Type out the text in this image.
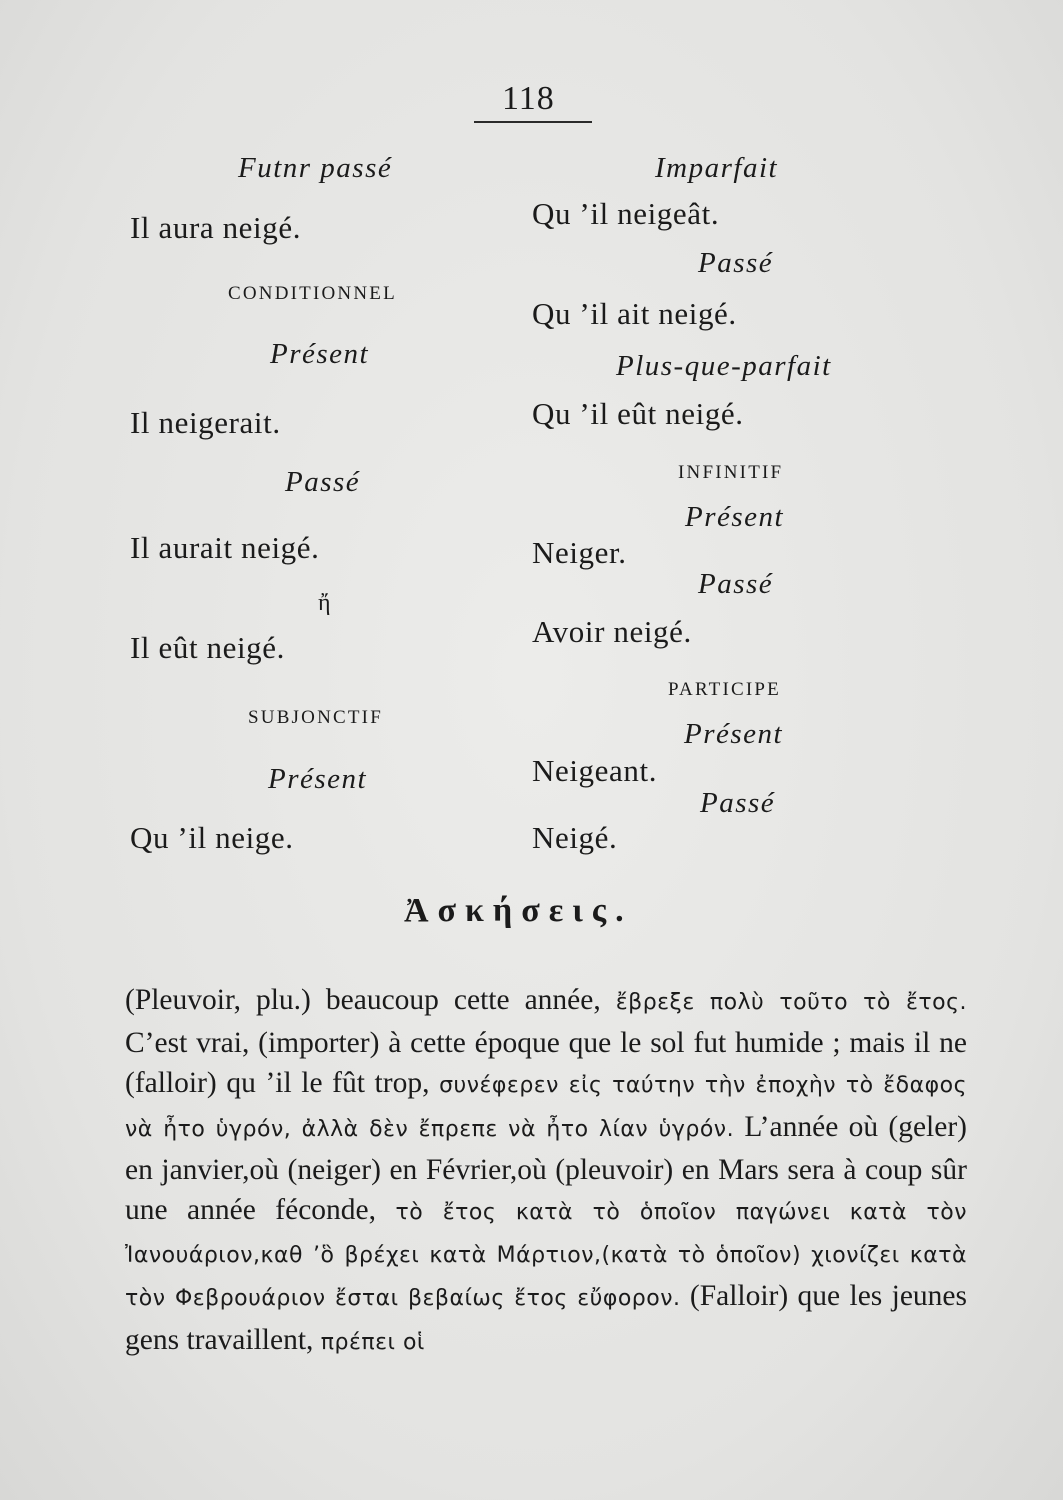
118
Futnr passé
Il aura neigé.
CONDITIONNEL
Présent
Il neigerait.
Passé
Il aurait neigé.
ἤ
Il eût neigé.
SUBJONCTIF
Présent
Qu ’il neige.
Imparfait
Qu ’il neigeât.
Passé
Qu ’il ait neigé.
Plus-que-parfait
Qu ’il eût neigé.
INFINITIF
Présent
Neiger.
Passé
Avoir neigé.
PARTICIPE
Présent
Neigeant.
Passé
Neigé.
Ἀσκήσεις.
(Pleuvoir, plu.) beaucoup cette année, ἔβρεξε πολὺ τοῦτο τὸ ἔτος. C’est vrai, (importer) à cette époque que le sol fut humide ; mais il ne (falloir) qu ’il le fût trop, συνέφερεν εἰς ταύτην τὴν ἐποχὴν τὸ ἔδαφος νὰ ἦτο ὑγρόν, ἀλλὰ δὲν ἔπρεπε νὰ ἦτο λίαν ὑγρόν. L’année où (geler) en janvier,où (neiger) en Février,où (pleuvoir) en Mars sera à coup sûr une année féconde, τὸ ἔτος κατὰ τὸ ὁποῖον παγώνει κατὰ τὸν Ἰανουάριον,καθ ’ὃ βρέχει κατὰ Μάρτιον,(κατὰ τὸ ὁποῖον) χιονίζει κατὰ τὸν Φεβρουάριον ἔσται βεβαίως ἔτος εὔφορον. (Falloir) que les jeunes gens travaillent, πρέπει οἱ
